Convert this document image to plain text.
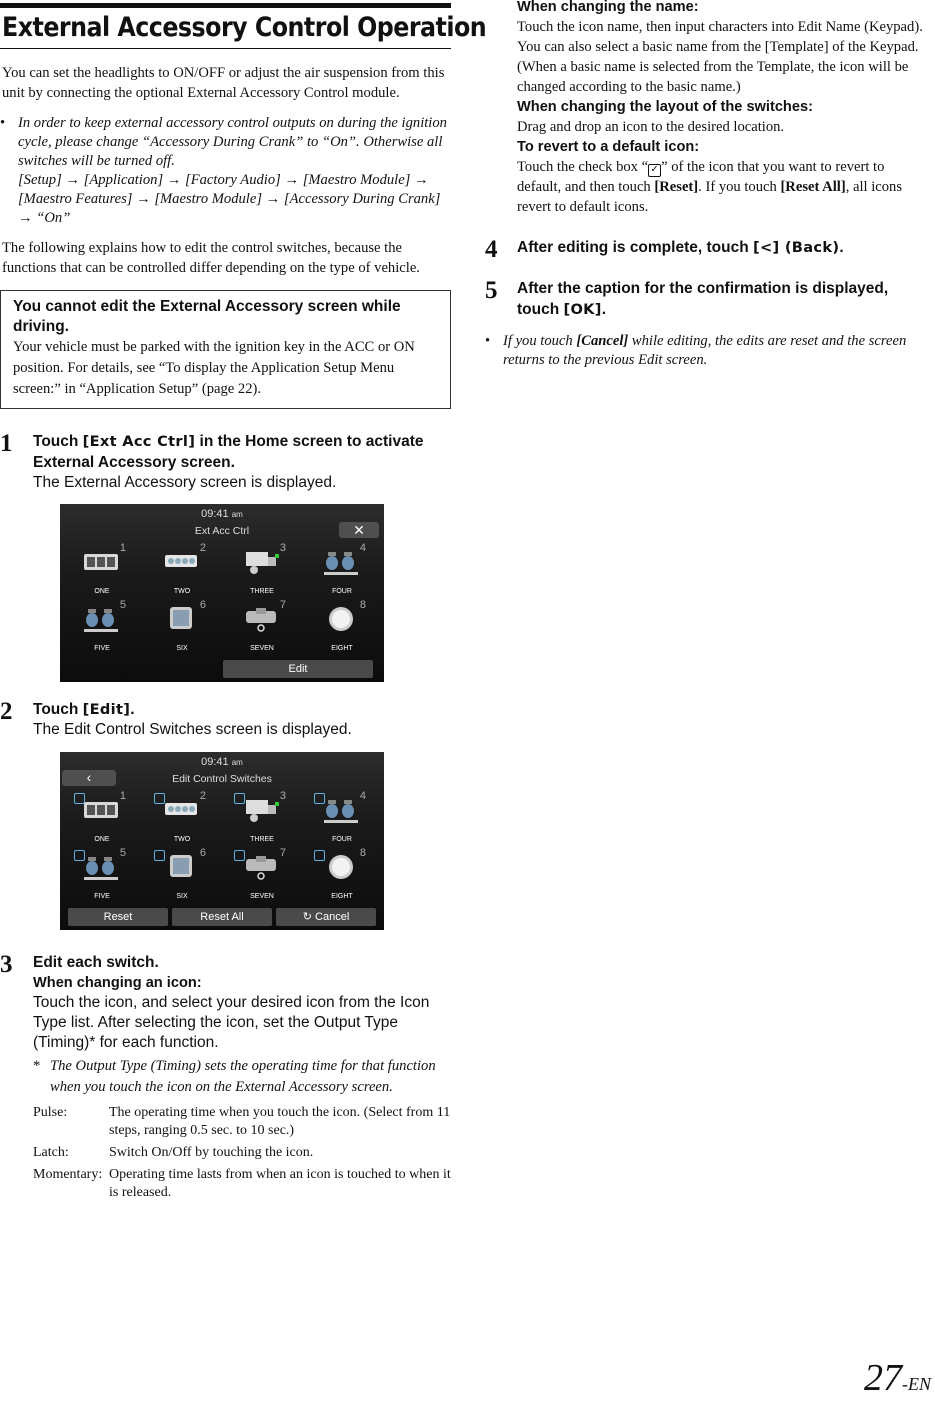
External Accessory Control Operation

You can set the headlights to ON/OFF or adjust the air suspension from this unit by connecting the optional External Accessory Control module.

• In order to keep external accessory control outputs on during the ignition cycle, please change “Accessory During Crank” to “On”. Otherwise all switches will be turned off.
[Setup] → [Application] → [Factory Audio] → [Maestro Module] → [Maestro Features] → [Maestro Module] → [Accessory During Crank] → “On”

The following explains how to edit the control switches, because the functions that can be controlled differ depending on the type of vehicle.

You cannot edit the External Accessory screen while driving.

Your vehicle must be parked with the ignition key in the ACC or ON position. For details, see “To display the Application Setup Menu screen:” in “Application Setup” (page 22).

1	Touch [Ext Acc Ctrl] in the Home screen to activate External Accessory screen.
The External Accessory screen is displayed.
09:41 am
Ext Acc Ctrl	✕
1
ONE
2
TWO
3
THREE
4
FOUR
5
FIVE
6
SIX
7
SEVEN
8
EIGHT
Edit
2	Touch [Edit].
The Edit Control Switches screen is displayed.
09:41 am
‹	Edit Control Switches
1
ONE
2
TWO
3
THREE
4
FOUR
5
FIVE
6
SIX
7
SEVEN
8
EIGHT
Reset	Reset All	↻ Cancel
3	Edit each switch.
When changing an icon:
Touch the icon, and select your desired icon from the Icon Type list. After selecting the icon, set the Output Type (Timing)* for each function.
* The Output Type (Timing) sets the operating time for that function when you touch the icon on the External Accessory screen.
Pulse:	The operating time when you touch the icon. (Select from 11 steps, ranging 0.5 sec. to 10 sec.)
Latch:	Switch On/Off by touching the icon.
Momentary:	Operating time lasts from when an icon is touched to when it is released.
When changing the name:

Touch the icon name, then input characters into Edit Name (Keypad). You can also select a basic name from the [Template] of the Keypad. (When a basic name is selected from the Template, the icon will be changed according to the basic name.)

When changing the layout of the switches:

Drag and drop an icon to the desired location.

To revert to a default icon:

Touch the check box “ ✓ ” of the icon that you want to revert to default, and then touch [Reset]. If you touch [Reset All], all icons revert to default icons.

4	After editing is complete, touch [<] (Back).
5	After the caption for the confirmation is displayed, touch [OK].
• If you touch [Cancel] while editing, the edits are reset and the screen returns to the previous Edit screen.
27-EN
